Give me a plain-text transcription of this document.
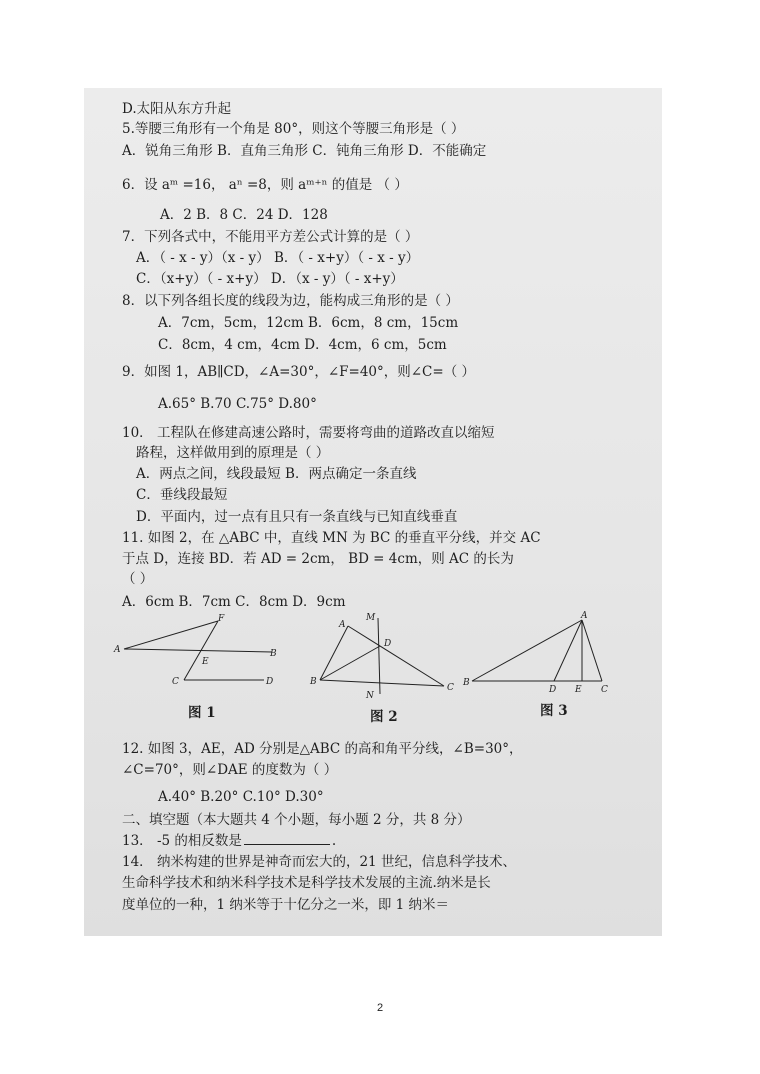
D.太阳从东方升起
5.等腰三角形有一个角是 80°，则这个等腰三角形是（ ）
A．锐角三角形 B．直角三角形 C．钝角三角形 D．不能确定
6．设 aᵐ =16， aⁿ =8，则 aᵐ⁺ⁿ 的值是 （ ）
A．2 B．8 C．24 D．128
7．下列各式中，不能用平方差公式计算的是（ ）
A．（ - x - y）（x - y） B．（ - x+y）（ - x - y）
C．（x+y）（ - x+y） D．（x - y）（ - x+y）
8．以下列各组长度的线段为边，能构成三角形的是（ ）
A．7cm，5cm，12cm B．6cm，8 cm，15cm
C．8cm，4 cm，4cm D．4cm，6 cm，5cm
9．如图 1，AB∥CD，∠A=30°，∠F=40°，则∠C=（ ）
A.65° B.70 C.75° D.80°
10． 工程队在修建高速公路时，需要将弯曲的道路改直以缩短
路程，这样做用到的原理是（ ）
A．两点之间，线段最短 B．两点确定一条直线
C．垂线段最短
D．平面内，过一点有且只有一条直线与已知直线垂直
11. 如图 2，在 △ABC 中，直线 MN 为 BC 的垂直平分线，并交 AC
于点 D，连接 BD．若 AD = 2cm， BD = 4cm，则 AC 的长为
（ ）
A．6cm B．7cm C．8cm D．9cm
A	B
C	D
E
F
图 1
A
B
C
D
M
N
图 2
A
B
C
D E
图 3
12. 如图 3，AE，AD 分别是△ABC 的高和角平分线，∠B=30°，
∠C=70°，则∠DAE 的度数为（ ）
A.40° B.20° C.10° D.30°
二、填空题（本大题共 4 个小题，每小题 2 分，共 8 分）
13． -5 的相反数是	.
14． 纳米构建的世界是神奇而宏大的，21 世纪，信息科学技术、
生命科学技术和纳米科学技术是科学技术发展的主流.纳米是长
度单位的一种，1 纳米等于十亿分之一米，即 1 纳米＝
2
